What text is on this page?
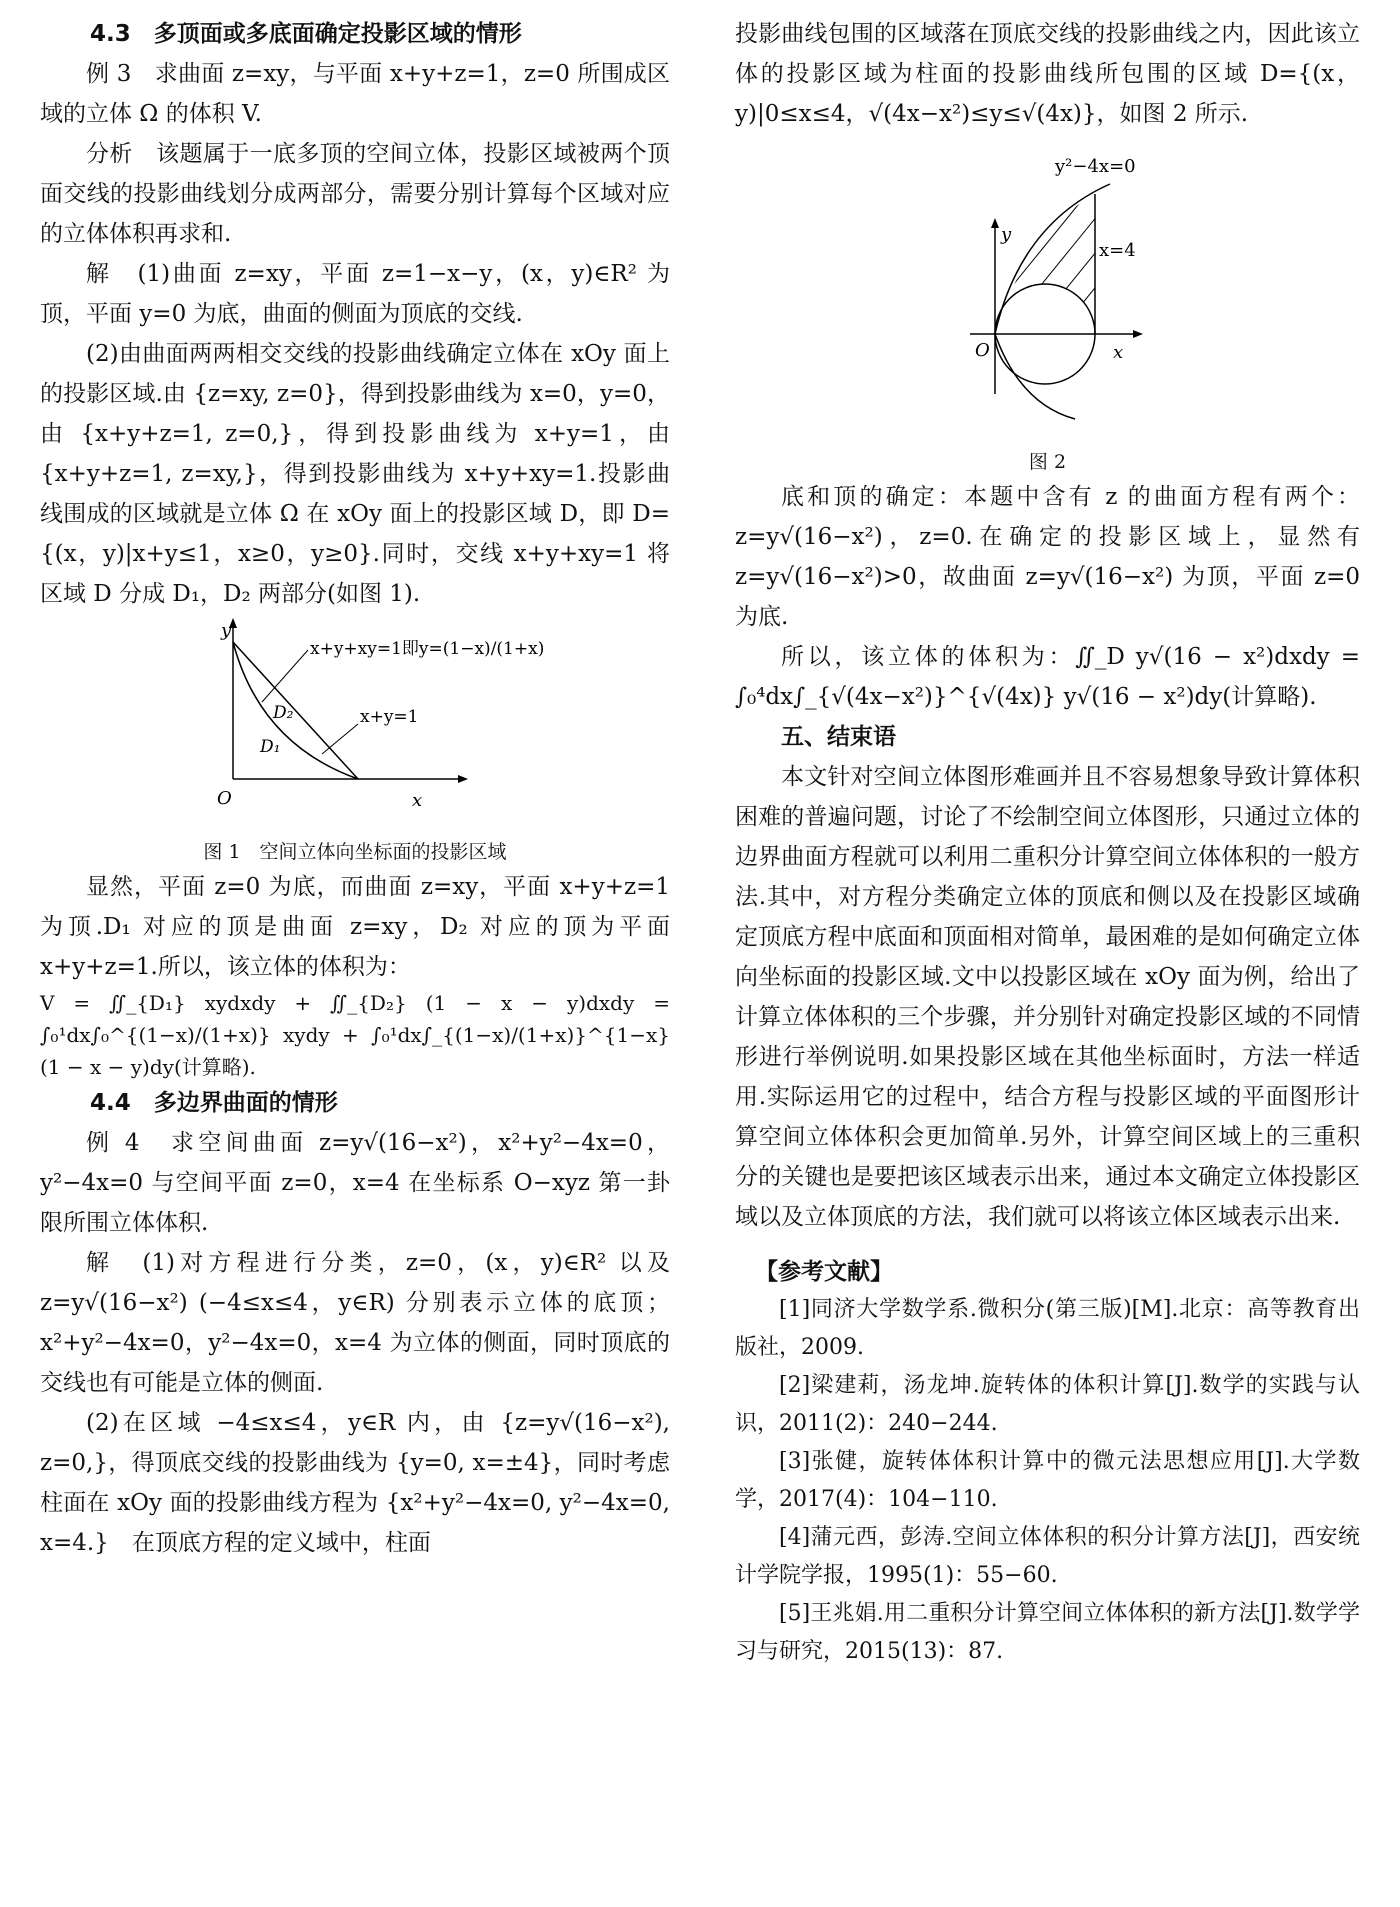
4.3　多顶面或多底面确定投影区域的情形

例 3　求曲面 z=xy，与平面 x+y+z=1，z=0 所围成区域的立体 Ω 的体积 V.

分析　该题属于一底多顶的空间立体，投影区域被两个顶面交线的投影曲线划分成两部分，需要分别计算每个区域对应的立体体积再求和.

解　(1)曲面 z=xy，平面 z=1−x−y，(x，y)∈R² 为顶，平面 y=0 为底，曲面的侧面为顶底的交线.

(2)由曲面两两相交交线的投影曲线确定立体在 xOy 面上的投影区域.由 {z=xy, z=0}，得到投影曲线为 x=0，y=0，由 {x+y+z=1, z=0,}，得到投影曲线为 x+y=1，由 {x+y+z=1, z=xy,}，得到投影曲线为 x+y+xy=1.投影曲线围成的区域就是立体 Ω 在 xOy 面上的投影区域 D，即 D={(x，y)|x+y≤1，x≥0，y≥0}.同时，交线 x+y+xy=1 将区域 D 分成 D₁，D₂ 两部分(如图 1).

y
x
O
x+y+xy=1即y=(1−x)/(1+x)
x+y=1
D₂
D₁
图 1　空间立体向坐标面的投影区域

显然，平面 z=0 为底，而曲面 z=xy，平面 x+y+z=1 为顶.D₁ 对应的顶是曲面 z=xy，D₂ 对应的顶为平面 x+y+z=1.所以，该立体的体积为：

V = ∬_{D₁} xydxdy + ∬_{D₂} (1 − x − y)dxdy = ∫₀¹dx∫₀^{(1−x)/(1+x)} xydy + ∫₀¹dx∫_{(1−x)/(1+x)}^{1−x} (1 − x − y)dy(计算略).

4.4　多边界曲面的情形

例 4　求空间曲面 z=y√(16−x²)，x²+y²−4x=0，y²−4x=0 与空间平面 z=0，x=4 在坐标系 O−xyz 第一卦限所围立体体积.

解　(1)对方程进行分类，z=0，(x，y)∈R² 以及 z=y√(16−x²) (−4≤x≤4，y∈R) 分别表示立体的底顶；x²+y²−4x=0，y²−4x=0，x=4 为立体的侧面，同时顶底的交线也有可能是立体的侧面.

(2)在区域 −4≤x≤4，y∈R 内，由 {z=y√(16−x²), z=0,}，得顶底交线的投影曲线为 {y=0, x=±4}，同时考虑柱面在 xOy 面的投影曲线方程为 {x²+y²−4x=0, y²−4x=0, x=4.}　在顶底方程的定义域中，柱面

投影曲线包围的区域落在顶底交线的投影曲线之内，因此该立体的投影区域为柱面的投影曲线所包围的区域 D={(x，y)|0≤x≤4，√(4x−x²)≤y≤√(4x)}，如图 2 所示.

y²−4x=0
x=4
y
x
O
图 2

底和顶的确定：本题中含有 z 的曲面方程有两个：z=y√(16−x²)，z=0.在确定的投影区域上，显然有 z=y√(16−x²)>0，故曲面 z=y√(16−x²) 为顶，平面 z=0 为底.

所以，该立体的体积为：∬_D y√(16 − x²)dxdy = ∫₀⁴dx∫_{√(4x−x²)}^{√(4x)} y√(16 − x²)dy(计算略).

五、结束语

本文针对空间立体图形难画并且不容易想象导致计算体积困难的普遍问题，讨论了不绘制空间立体图形，只通过立体的边界曲面方程就可以利用二重积分计算空间立体体积的一般方法.其中，对方程分类确定立体的顶底和侧以及在投影区域确定顶底方程中底面和顶面相对简单，最困难的是如何确定立体向坐标面的投影区域.文中以投影区域在 xOy 面为例，给出了计算立体体积的三个步骤，并分别针对确定投影区域的不同情形进行举例说明.如果投影区域在其他坐标面时，方法一样适用.实际运用它的过程中，结合方程与投影区域的平面图形计算空间立体体积会更加简单.另外，计算空间区域上的三重积分的关键也是要把该区域表示出来，通过本文确定立体投影区域以及立体顶底的方法，我们就可以将该立体区域表示出来.

【参考文献】

[1]同济大学数学系.微积分(第三版)[M].北京：高等教育出版社，2009.

[2]梁建莉，汤龙坤.旋转体的体积计算[J].数学的实践与认识，2011(2)：240−244.

[3]张健，旋转体体积计算中的微元法思想应用[J].大学数学，2017(4)：104−110.

[4]蒲元西，彭涛.空间立体体积的积分计算方法[J]，西安统计学院学报，1995(1)：55−60.

[5]王兆娟.用二重积分计算空间立体体积的新方法[J].数学学习与研究，2015(13)：87.
